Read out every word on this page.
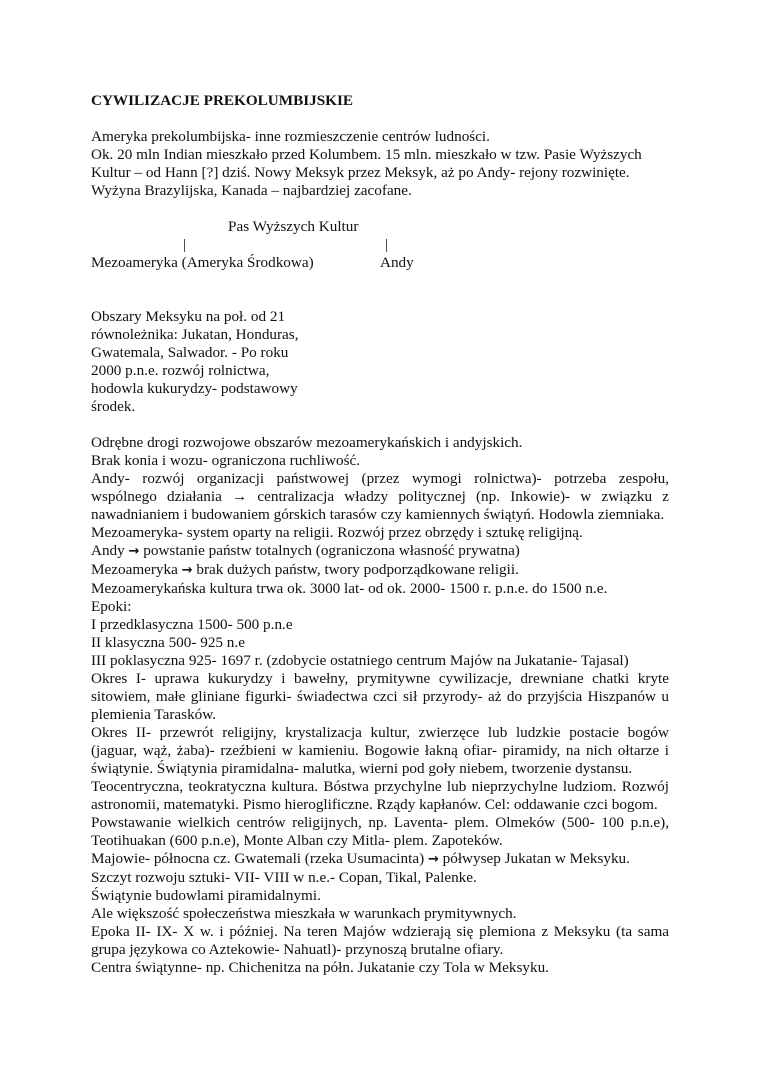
CYWILIZACJE PREKOLUMBIJSKIE
Ameryka prekolumbijska- inne rozmieszczenie centrów ludności.
Ok. 20 mln Indian mieszkało przed Kolumbem. 15 mln. mieszkało w tzw. Pasie Wyższych
Kultur – od Hann [?] dziś. Nowy Meksyk przez Meksyk, aż po Andy- rejony rozwinięte.
Wyżyna Brazylijska, Kanada – najbardziej zacofane.
Pas Wyższych Kultur
|	|
Mezoameryka (Ameryka Środkowa)	Andy
Obszary Meksyku na poł. od 21
równoleżnika: Jukatan, Honduras,
Gwatemala, Salwador. - Po roku
2000 p.n.e. rozwój rolnictwa,
hodowla kukurydzy- podstawowy
środek.
Odrębne drogi rozwojowe obszarów mezoamerykańskich i andyjskich.
Brak konia i wozu- ograniczona ruchliwość.
Andy- rozwój organizacji państwowej (przez wymogi rolnictwa)- potrzeba zespołu, wspólnego działania → centralizacja władzy politycznej (np. Inkowie)- w związku z nawadnianiem i budowaniem górskich tarasów czy kamiennych świątyń. Hodowla ziemniaka.
Mezoameryka- system oparty na religii. Rozwój przez obrzędy i sztukę religijną.
Andy → powstanie państw totalnych (ograniczona własność prywatna)
Mezoameryka → brak dużych państw, twory podporządkowane religii.
Mezoamerykańska kultura trwa ok. 3000 lat- od ok. 2000- 1500 r. p.n.e. do 1500 n.e.
Epoki:
I przedklasyczna 1500- 500 p.n.e
II klasyczna 500- 925 n.e
III poklasyczna 925- 1697 r. (zdobycie ostatniego centrum Majów na Jukatanie- Tajasal)
Okres I- uprawa kukurydzy i bawełny, prymitywne cywilizacje, drewniane chatki kryte sitowiem, małe gliniane figurki- świadectwa czci sił przyrody- aż do przyjścia Hiszpanów u plemienia Tarasków.
Okres II- przewrót religijny, krystalizacja kultur, zwierzęce lub ludzkie postacie bogów (jaguar, wąż, żaba)- rzeźbieni w kamieniu. Bogowie łakną ofiar- piramidy, na nich ołtarze i świątynie. Świątynia piramidalna- malutka, wierni pod goły niebem, tworzenie dystansu.
Teocentryczna, teokratyczna kultura. Bóstwa przychylne lub nieprzychylne ludziom. Rozwój astronomii, matematyki. Pismo hieroglificzne. Rządy kapłanów. Cel: oddawanie czci bogom.
Powstawanie wielkich centrów religijnych, np. Laventa- plem. Olmeków (500- 100 p.n.e), Teotihuakan (600 p.n.e), Monte Alban czy Mitla- plem. Zapoteków.
Majowie- północna cz. Gwatemali (rzeka Usumacinta) → półwysep Jukatan w Meksyku.
Szczyt rozwoju sztuki- VII- VIII w n.e.- Copan, Tikal, Palenke.
Świątynie budowlami piramidalnymi.
Ale większość społeczeństwa mieszkała w warunkach prymitywnych.
Epoka II- IX- X w. i później. Na teren Majów wdzierają się plemiona z Meksyku (ta sama grupa językowa co Aztekowie- Nahuatl)- przynoszą brutalne ofiary.
Centra świątynne- np. Chichenitza na półn. Jukatanie czy Tola w Meksyku.
